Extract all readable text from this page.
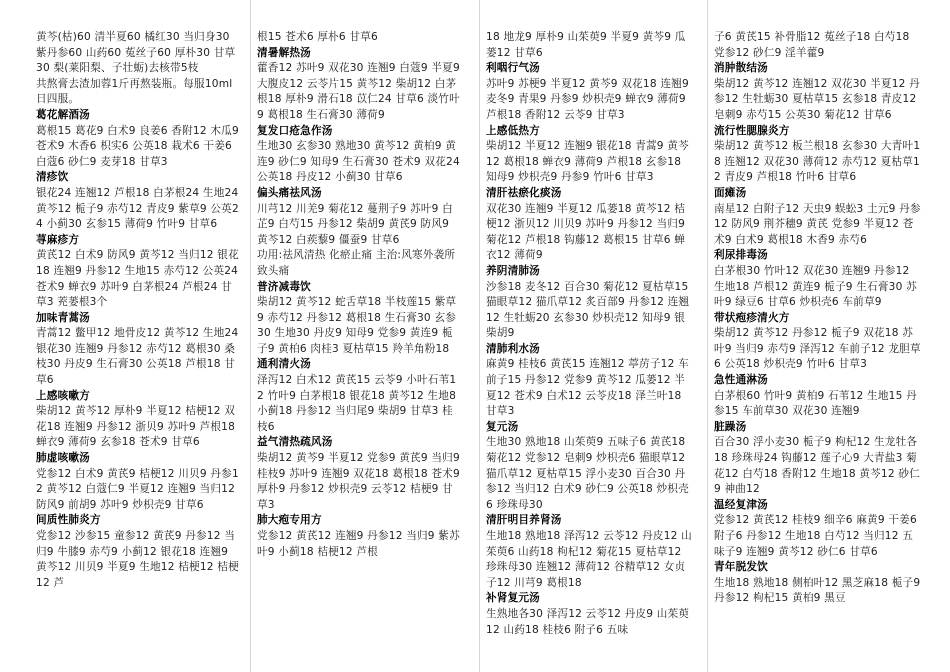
黄芩(枯)60 清半夏60 橘红30 当归身30 紫丹参60 山药60 菟丝子60 厚朴30 甘草30 梨(莱阳梨、子壮蛎)去核带5枝
共熬膏去渣加蓉1斤再熬装瓶。每服10ml日四服。
葛花解酒汤
葛根15 葛花9 白术9 良姜6 香附12 木瓜9 苍术9 木香6 枳实6 公英18 栽术6 干姜6 白蔻6 砂仁9 麦芽18 甘草3
清疹饮
银花24 连翘12 芦根18 白茅根24 生地24 黄芩12 栀子9 赤芍12 青皮9 紫草9 公英24 小蓟30 玄参15 薄荷9 竹叶9 甘草6
荨麻疹方
黄芪12 白术9 防风9 黄芩12 当归12 银花18 连翘9 丹参12 生地15 赤芍12 公英24 苍术9 蝉衣9 苏叶9 白茅根24 芦根24 甘草3 茺蒌根3个
加味青蒿汤
青蒿12 鳖甲12 地骨皮12 黄芩12 生地24 银花30 连翘9 丹参12 赤芍12 葛根30 桑枝30 丹皮9 生石膏30 公英18 芦根18 甘草6
上感咳嗽方
柴胡12 黄芩12 厚朴9 半夏12 桔梗12 双花18 连翘9 丹参12 浙贝9 苏叶9 芦根18 蝉衣9 薄荷9 玄参18 苍术9 甘草6
肺虚咳嗽汤
党参12 白术9 黄芪9 桔梗12 川贝9 丹参12 黄芩12 白蔻仁9 半夏12 连翘9 当归12 防风9 前胡9 苏叶9 炒枳壳9 甘草6
间质性肺炎方
党参12 沙参15 童参12 黄芪9 丹参12 当归9 牛膝9 赤芍9 小蓟12 银花18 连翘9 黄芩12 川贝9 半夏9 生地12 桔梗12 桔梗12 芦
根15 苍术6 厚朴6 甘草6
清暑解热汤
藿香12 苏叶9 双花30 连翘9 白蔻9 半夏9 大腹皮12 云苓片15 黄芩12 柴胡12 白茅根18 厚朴9 滑石18 苡仁24 甘草6 淡竹叶9 葛根18 生石膏30 薄荷9
复发口疮急作汤
生地30 玄参30 熟地30 黄芩12 黄柏9 黄连9 砂仁9 知母9 生石膏30 苍术9 双花24 公英18 丹皮12 小蓟30 甘草6
偏头痛祛风汤
川芎12 川羌9 菊花12 蔓荆子9 苏叶9 白芷9 白芍15 丹参12 柴胡9 黄芪9 防风9 黄芩12 白蒺藜9 僵蚕9 甘草6
功用:祛风清热 化瘀止痛 主治:风寒外袭所致头痛
普济减毒饮
柴胡12 黄芩12 蛇舌草18 半枝莲15 紫草9 赤芍12 丹参12 葛根18 生石膏30 玄参30 生地30 丹皮9 知母9 党参9 黄连9 栀子9 黄柏6 肉桂3 夏枯草15 羚羊角粉18
通利清火汤
泽泻12 白术12 黄芪15 云苓9 小叶石苇12 竹叶9 白茅根18 银花18 黄芩12 生地8 小蓟18 丹参12 当归尾9 柴胡9 甘草3 桂枝6
益气清热疏风汤
柴胡12 黄芩9 半夏12 党参9 黄芪9 当归9 桂枝9 苏叶9 连翘9 双花18 葛根18 苍术9 厚朴9 丹参12 炒枳壳9 云苓12 桔梗9 甘草3
肺大疱专用方
党参12 黄芪12 连翘9 丹参12 当归9 紫苏叶9 小蓟18 桔梗12 芦根
18 地龙9 厚朴9 山茱萸9 半夏9 黄芩9 瓜蒌12 甘草6
利咽行气汤
苏叶9 苏梗9 半夏12 黄芩9 双花18 连翘9 麦冬9 青果9 丹参9 炒枳壳9 蝉衣9 薄荷9 芦根18 香附12 云苓9 甘草3
上感低热方
柴胡12 半夏12 连翘9 银花18 青蒿9 黄芩12 葛根18 蝉衣9 薄荷9 芦根18 玄参18 知母9 炒枳壳9 丹参9 竹叶6 甘草3
清肝祛瘀化痰汤
双花30 连翘9 半夏12 瓜蒌18 黄芩12 桔梗12 浙贝12 川贝9 苏叶9 丹参12 当归9 菊花12 芦根18 钩藤12 葛根15 甘草6 蝉衣12 薄荷9
养阴清肺汤
沙参18 麦冬12 百合30 菊花12 夏枯草15 猫眼草12 猫爪草12 炙百部9 丹参12 连翘12 生牡蛎20 玄参30 炒枳壳12 知母9 银柴胡9
清肺利水汤
麻黄9 桂枝6 黄芪15 连翘12 葶苈子12 车前子15 丹参12 党参9 黄芩12 瓜蒌12 半夏12 苍术9 白术12 云苓皮18 泽兰叶18 甘草3
复元汤
生地30 熟地18 山茱萸9 五味子6 黄芪18 菊花12 党参12 皂刺9 炒枳壳6 猫眼草12 猫爪草12 夏枯草15 浮小麦30 百合30 丹参12 当归12 白术9 砂仁9 公英18 炒枳壳6 珍珠母30
清肝明目养肾汤
生地18 熟地18 泽泻12 云苓12 丹皮12 山茱萸6 山药18 枸杞12 菊花15 夏枯草12 珍珠母30 连翘12 薄荷12 谷精草12 女贞子12 川芎9 葛根18
补肾复元汤
生熟地各30 泽泻12 云苓12 丹皮9 山茱萸12 山药18 桂枝6 附子6 五味
子6 黄芪15 补骨脂12 菟丝子18 白芍18 党参12 砂仁9 淫羊藿9
消肿散结汤
柴胡12 黄芩12 连翘12 双花30 半夏12 丹参12 生牡蛎30 夏枯草15 玄参18 青皮12 皂刺9 赤芍15 公英30 菊花12 甘草6
流行性腮腺炎方
柴胡12 黄芩12 板兰根18 玄参30 大青叶18 连翘12 双花30 薄荷12 赤芍12 夏枯草12 青皮9 芦根18 竹叶6 甘草6
面瘫汤
南星12 白附子12 天虫9 蜈蚣3 土元9 丹参12 防风9 荆芥穗9 黄芪 党参9 半夏12 苍术9 白术9 葛根18 木香9 赤芍6
利尿排毒汤
白茅根30 竹叶12 双花30 连翘9 丹参12 生地18 芦根12 黄连9 栀子9 生石膏30 苏叶9 绿豆6 甘草6 炒枳壳6 车前草9
带状疱疹清火方
柴胡12 黄芩12 丹参12 栀子9 双花18 苏叶9 当归9 赤芍9 泽泻12 车前子12 龙胆草6 公英18 炒枳壳9 竹叶6 甘草3
急性通淋汤
白茅根60 竹叶9 黄柏9 石苇12 生地15 丹参15 车前草30 双花30 连翘9
脏躁汤
百合30 浮小麦30 栀子9 枸杞12 生龙牡各18 珍珠母24 钩藤12 莲子心9 大青盐3 菊花12 白芍18 香附12 生地18 黄芩12 砂仁9 神曲12
温经复津汤
党参12 黄芪12 桂枝9 细辛6 麻黄9 干姜6 附子6 丹参12 生地18 白芍12 当归12 五味子9 连翘9 黄芩12 砂仁6 甘草6
青年脱发饮
生地18 熟地18 侧柏叶12 黑芝麻18 栀子9 丹参12 枸杞15 黄柏9 黑豆
